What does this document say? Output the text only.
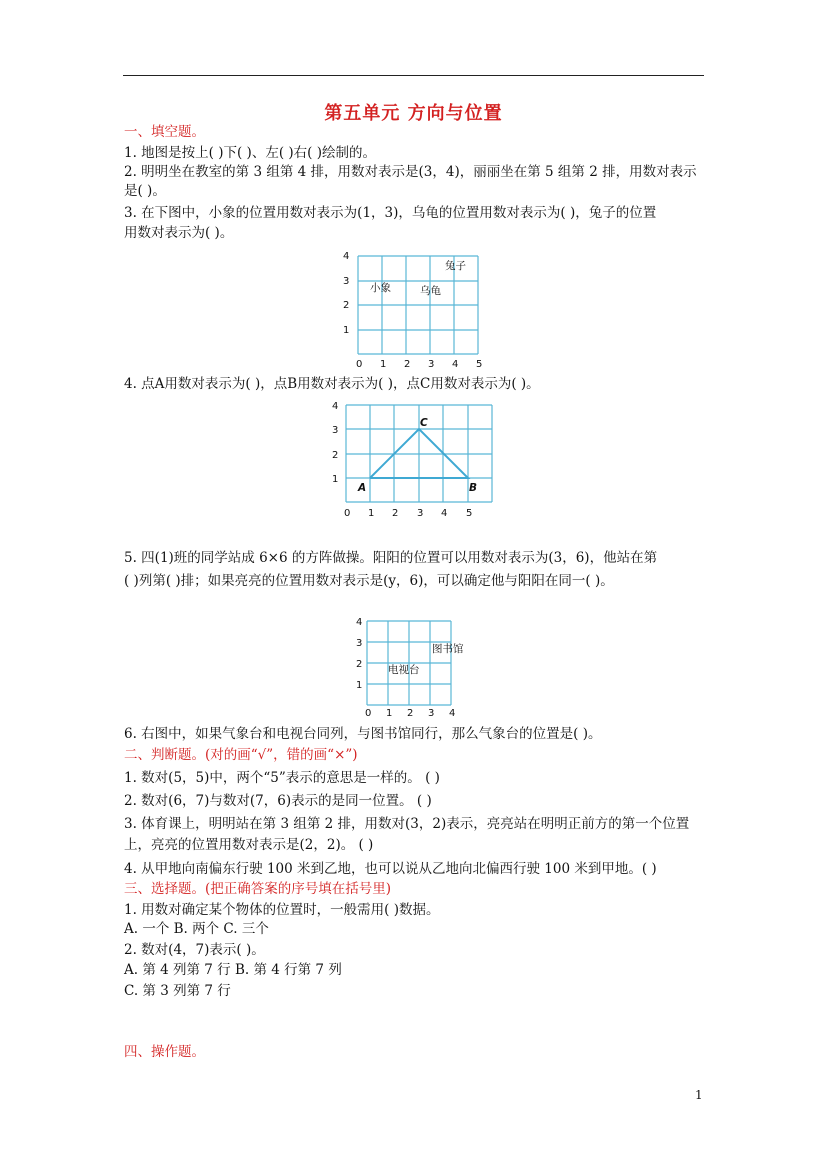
第五单元 方向与位置
一、填空题。
1. 地图是按上( )下( )、左( )右( )绘制的。
2. 明明坐在教室的第 3 组第 4 排，用数对表示是(3，4)，丽丽坐在第 5 组第 2 排，用数对表示
是( )。
3. 在下图中，小象的位置用数对表示为(1，3)，乌龟的位置用数对表示为( )，兔子的位置
用数对表示为( )。
0 1 2 3 4 5
1
2
3
4
小象	乌龟
兔子
4. 点A用数对表示为( )，点B用数对表示为( )，点C用数对表示为( )。
0 1 2 3 4 5
1
2
3
4
A
C
B
5. 四(1)班的同学站成 6×6 的方阵做操。阳阳的位置可以用数对表示为(3，6)，他站在第
( )列第( )排；如果亮亮的位置用数对表示是(y，6)，可以确定他与阳阳在同一( )。
0 1 2 3 4
1
2
3
4
图书馆
电视台
6. 右图中，如果气象台和电视台同列，与图书馆同行，那么气象台的位置是( )。
二、判断题。(对的画“√”，错的画“×”)
1. 数对(5，5)中，两个“5”表示的意思是一样的。 ( )
2. 数对(6，7)与数对(7，6)表示的是同一位置。 ( )
3. 体育课上，明明站在第 3 组第 2 排，用数对(3，2)表示，亮亮站在明明正前方的第一个位置
上，亮亮的位置用数对表示是(2，2)。 ( )
4. 从甲地向南偏东行驶 100 米到乙地，也可以说从乙地向北偏西行驶 100 米到甲地。( )
三、选择题。(把正确答案的序号填在括号里)
1. 用数对确定某个物体的位置时，一般需用( )数据。
A. 一个 B. 两个 C. 三个
2. 数对(4，7)表示( )。
A. 第 4 列第 7 行 B. 第 4 行第 7 列
C. 第 3 列第 7 行
四、操作题。
1
